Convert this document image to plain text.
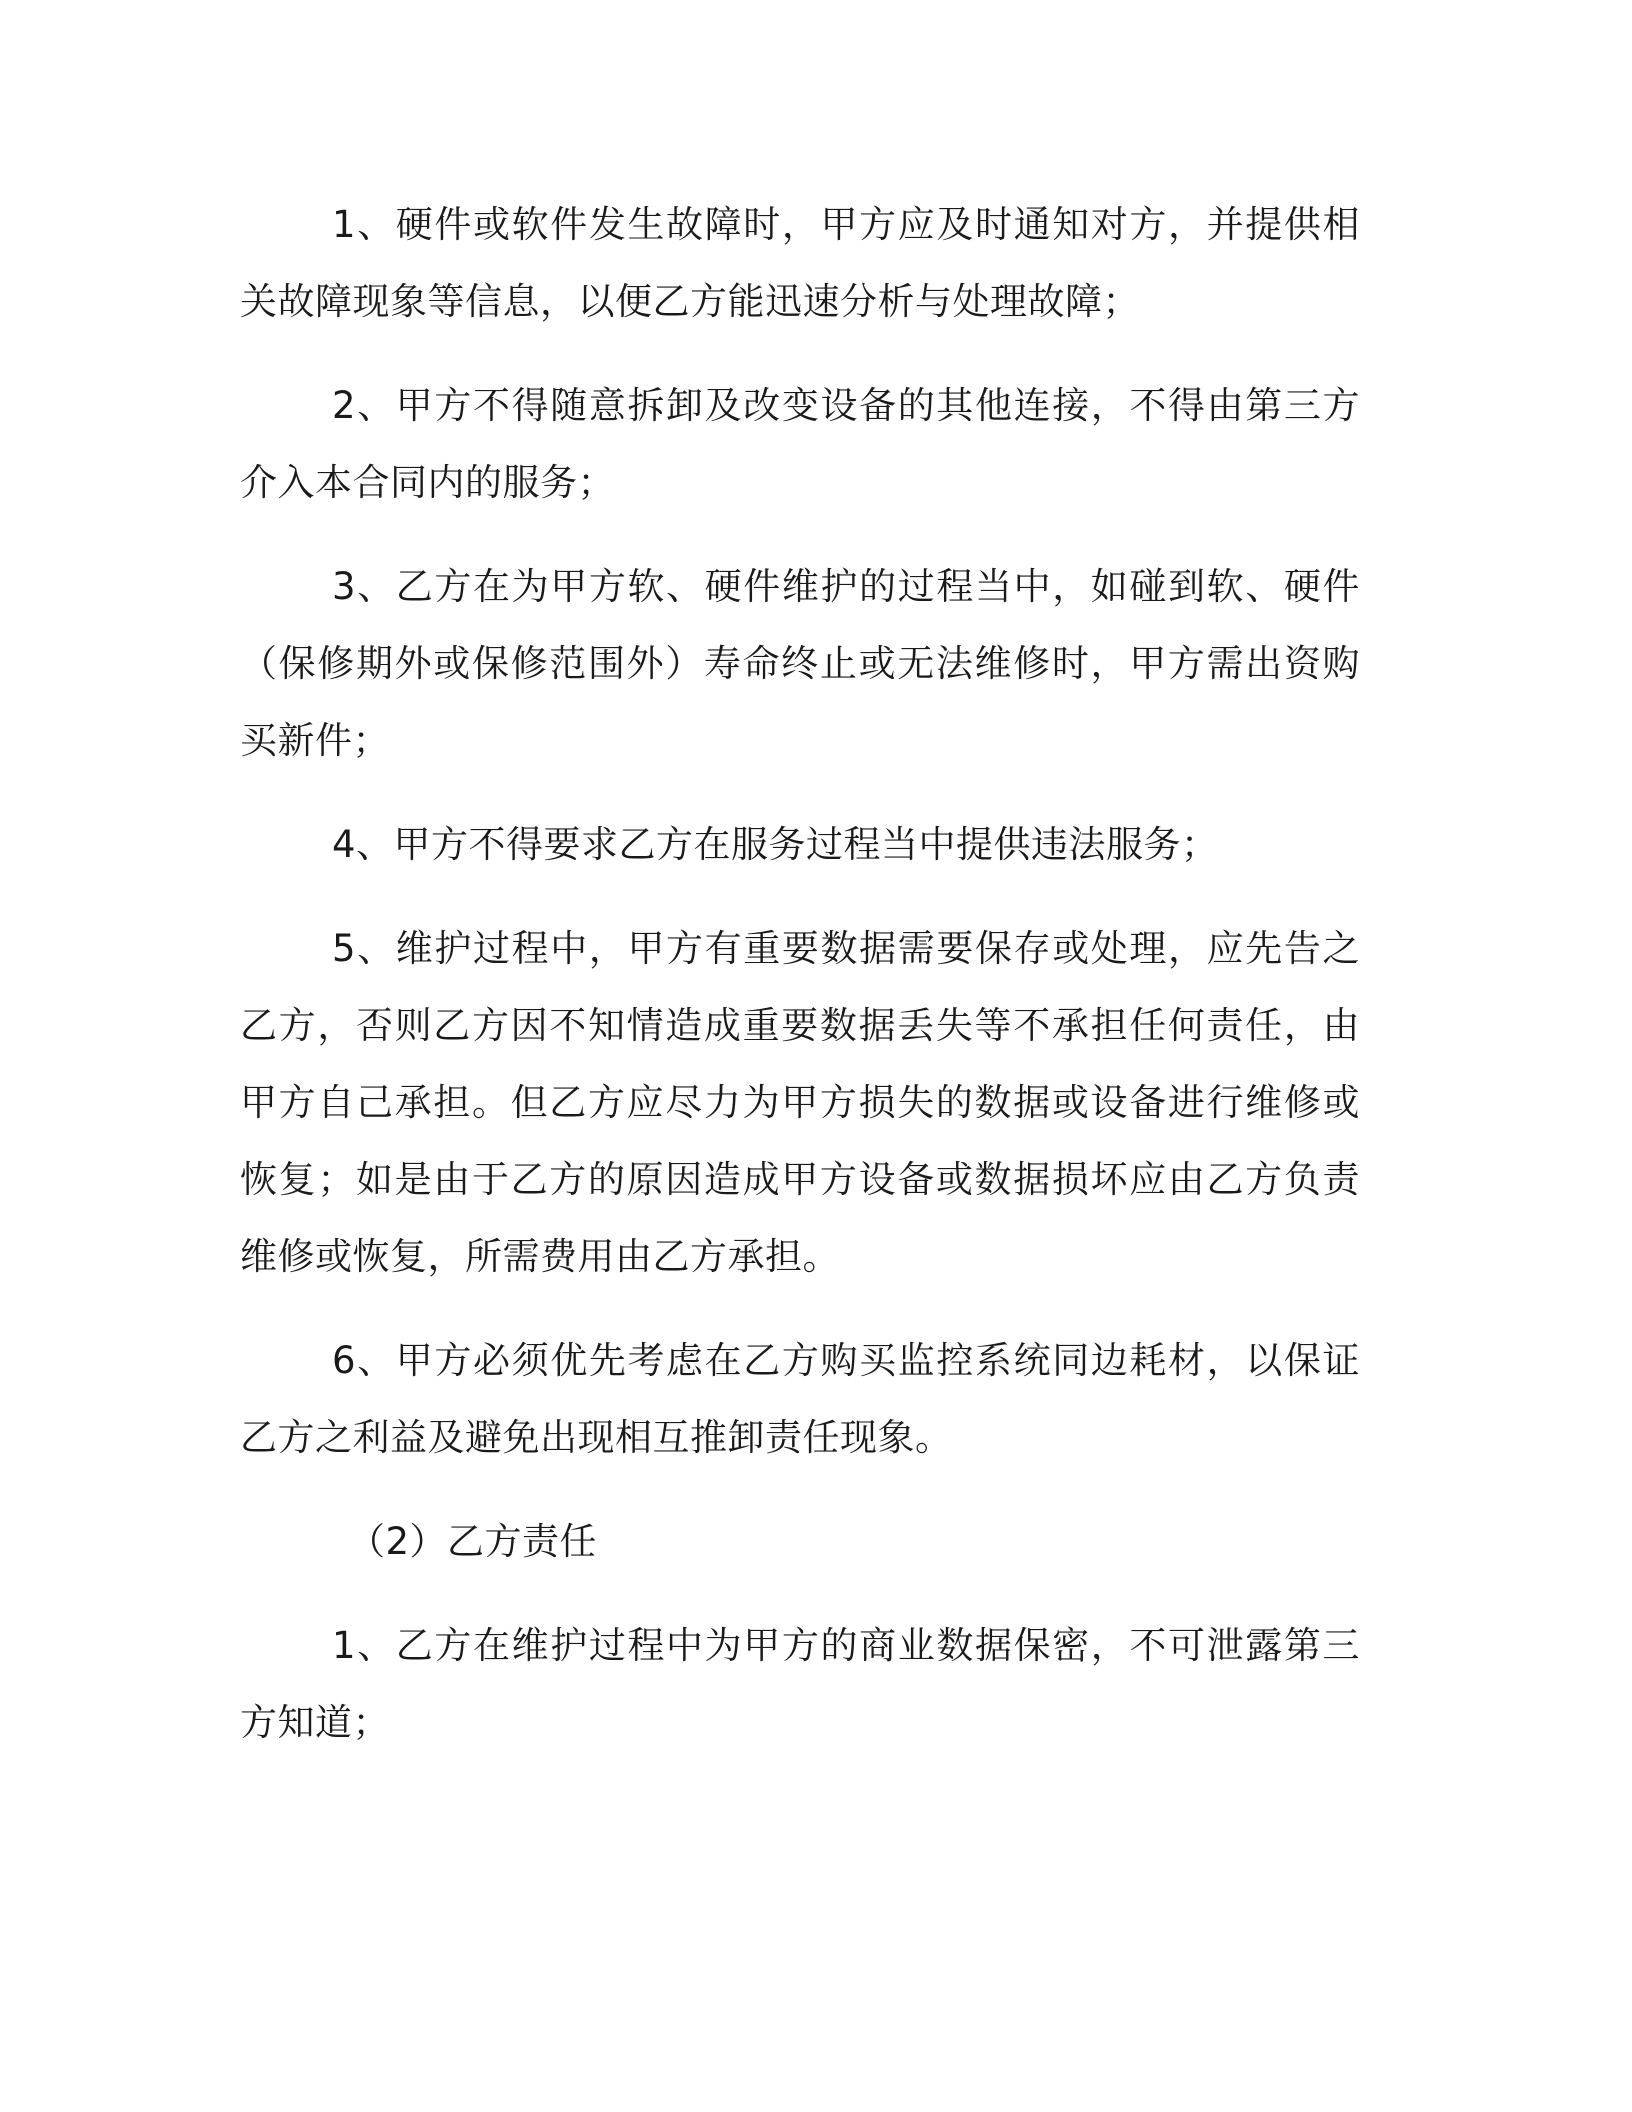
1、硬件或软件发生故障时，甲方应及时通知对方，并提供相关故障现象等信息，以便乙方能迅速分析与处理故障；

2、甲方不得随意拆卸及改变设备的其他连接，不得由第三方介入本合同内的服务；

3、乙方在为甲方软、硬件维护的过程当中，如碰到软、硬件（保修期外或保修范围外）寿命终止或无法维修时，甲方需出资购买新件；

4、甲方不得要求乙方在服务过程当中提供违法服务；

5、维护过程中，甲方有重要数据需要保存或处理，应先告之乙方，否则乙方因不知情造成重要数据丢失等不承担任何责任，由甲方自己承担。但乙方应尽力为甲方损失的数据或设备进行维修或恢复；如是由于乙方的原因造成甲方设备或数据损坏应由乙方负责维修或恢复，所需费用由乙方承担。

6、甲方必须优先考虑在乙方购买监控系统同边耗材，以保证乙方之利益及避免出现相互推卸责任现象。

（2）乙方责任

1、乙方在维护过程中为甲方的商业数据保密，不可泄露第三方知道；
